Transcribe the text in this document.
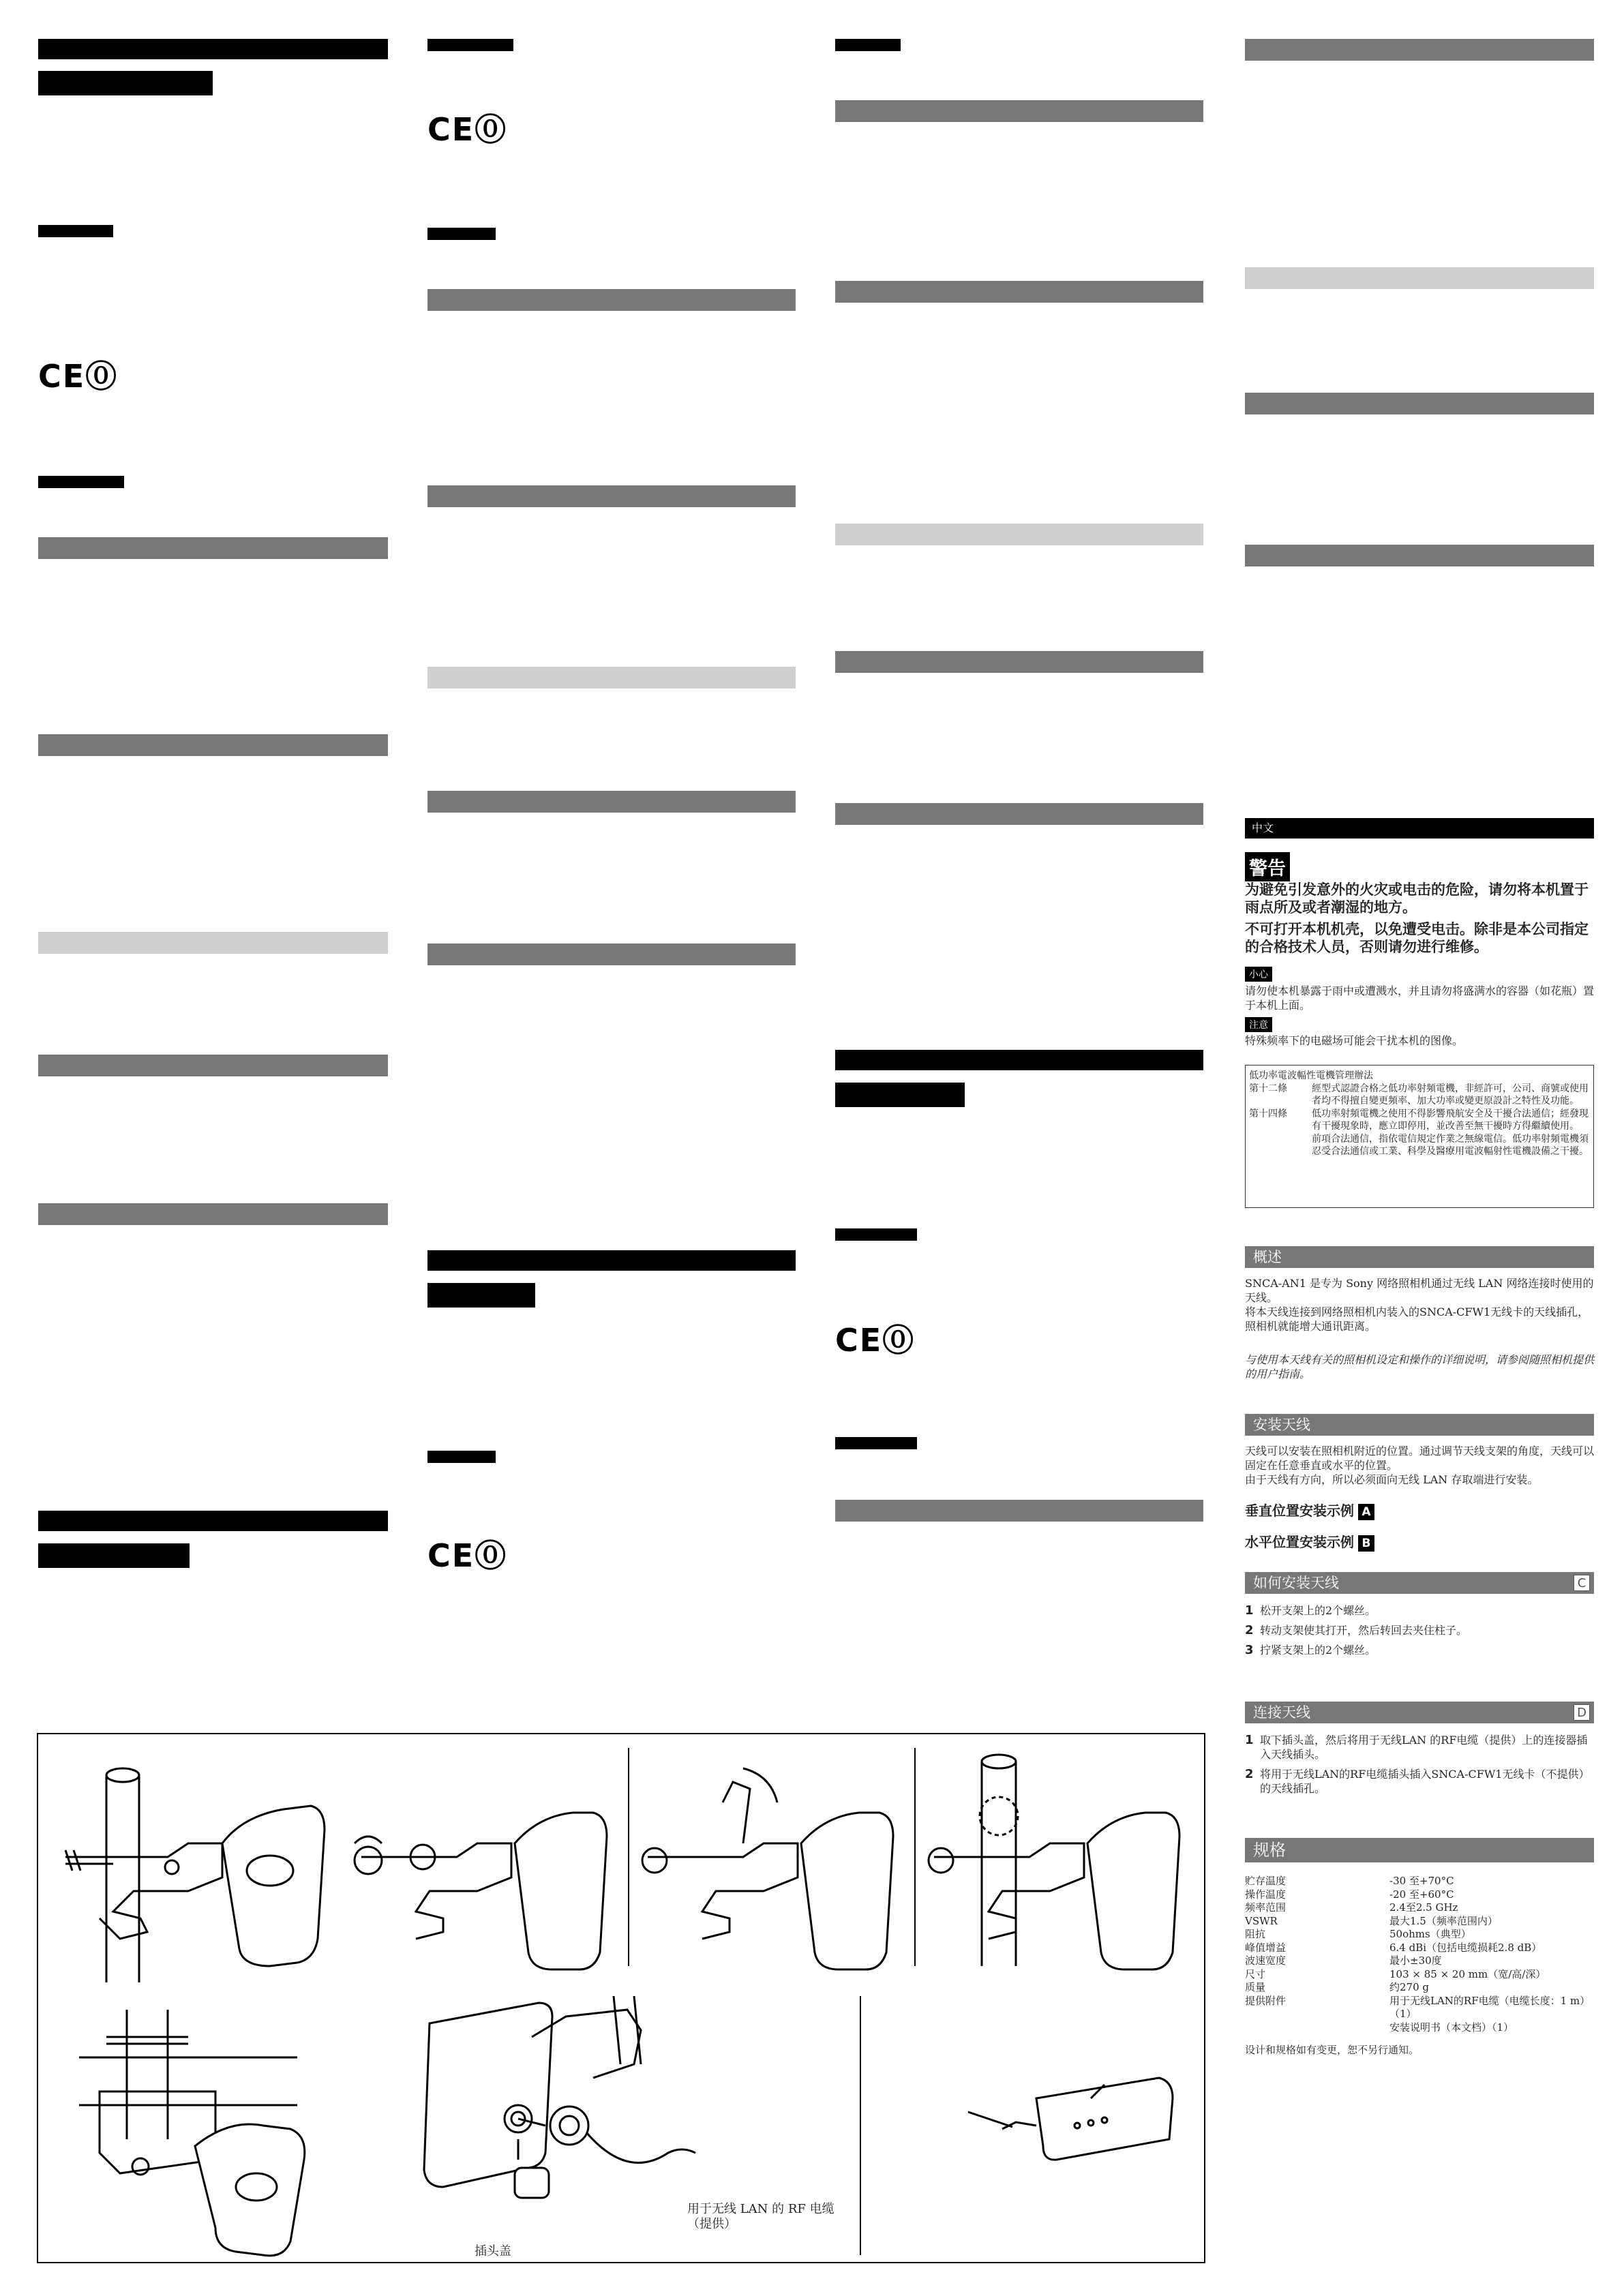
CE⓪
CE⓪
CE⓪
CE⓪
中文
警告
为避免引发意外的火灾或电击的危险，请勿将本机置于雨点所及或者潮湿的地方。
不可打开本机机壳，以免遭受电击。除非是本公司指定的合格技术人员，否则请勿进行维修。
小心
请勿使本机暴露于雨中或遭溅水，并且请勿将盛满水的容器（如花瓶）置于本机上面。
注意
特殊频率下的电磁场可能会干扰本机的图像。
低功率電波輻性電機管理辦法
第十二條	經型式認證合格之低功率射頻電機，非經許可，公司、商號或使用者均不得擅自變更頻率、加大功率或變更原設計之特性及功能。
第十四條	低功率射頻電機之使用不得影響飛航安全及干擾合法通信；經發現有干擾現象時，應立即停用，並改善至無干擾時方得繼續使用。
前項合法通信，指依電信規定作業之無線電信。低功率射頻電機須忍受合法通信或工業、科學及醫療用電波輻射性電機設備之干擾。
概述
SNCA-AN1 是专为 Sony 网络照相机通过无线 LAN 网络连接时使用的天线。
将本天线连接到网络照相机内装入的SNCA-CFW1无线卡的天线插孔，照相机就能增大通讯距离。
与使用本天线有关的照相机设定和操作的详细说明，请参阅随照相机提供的用户指南。
安装天线
天线可以安装在照相机附近的位置。通过调节天线支架的角度，天线可以固定在任意垂直或水平的位置。
由于天线有方向，所以必须面向无线 LAN 存取端进行安装。
垂直位置安装示例 A
水平位置安装示例 B
如何安装天线	C
1 松开支架上的2个螺丝。
2 转动支架使其打开，然后转回去夹住柱子。
3 拧紧支架上的2个螺丝。
连接天线	D
1 取下插头盖，然后将用于无线LAN 的RF电缆（提供）上的连接器插入天线插头。
2 将用于无线LAN的RF电缆插头插入SNCA-CFW1无线卡（不提供）的天线插孔。
规格
贮存温度	-30 至+70°C
操作温度	-20 至+60°C
频率范围	2.4至2.5 GHz
VSWR	最大1.5（频率范围内）
阻抗	50ohms（典型）
峰值增益	6.4 dBi（包括电缆损耗2.8 dB）
波速宽度	最小±30度
尺寸	103 × 85 × 20 mm（宽/高/深）
质量	约270 g
提供附件	用于无线LAN的RF电缆（电缆长度：1 m）（1）
安装说明书（本文档）（1）
设计和规格如有变更，恕不另行通知。
用于无线 LAN 的 RF 电缆（提供）
插头盖
